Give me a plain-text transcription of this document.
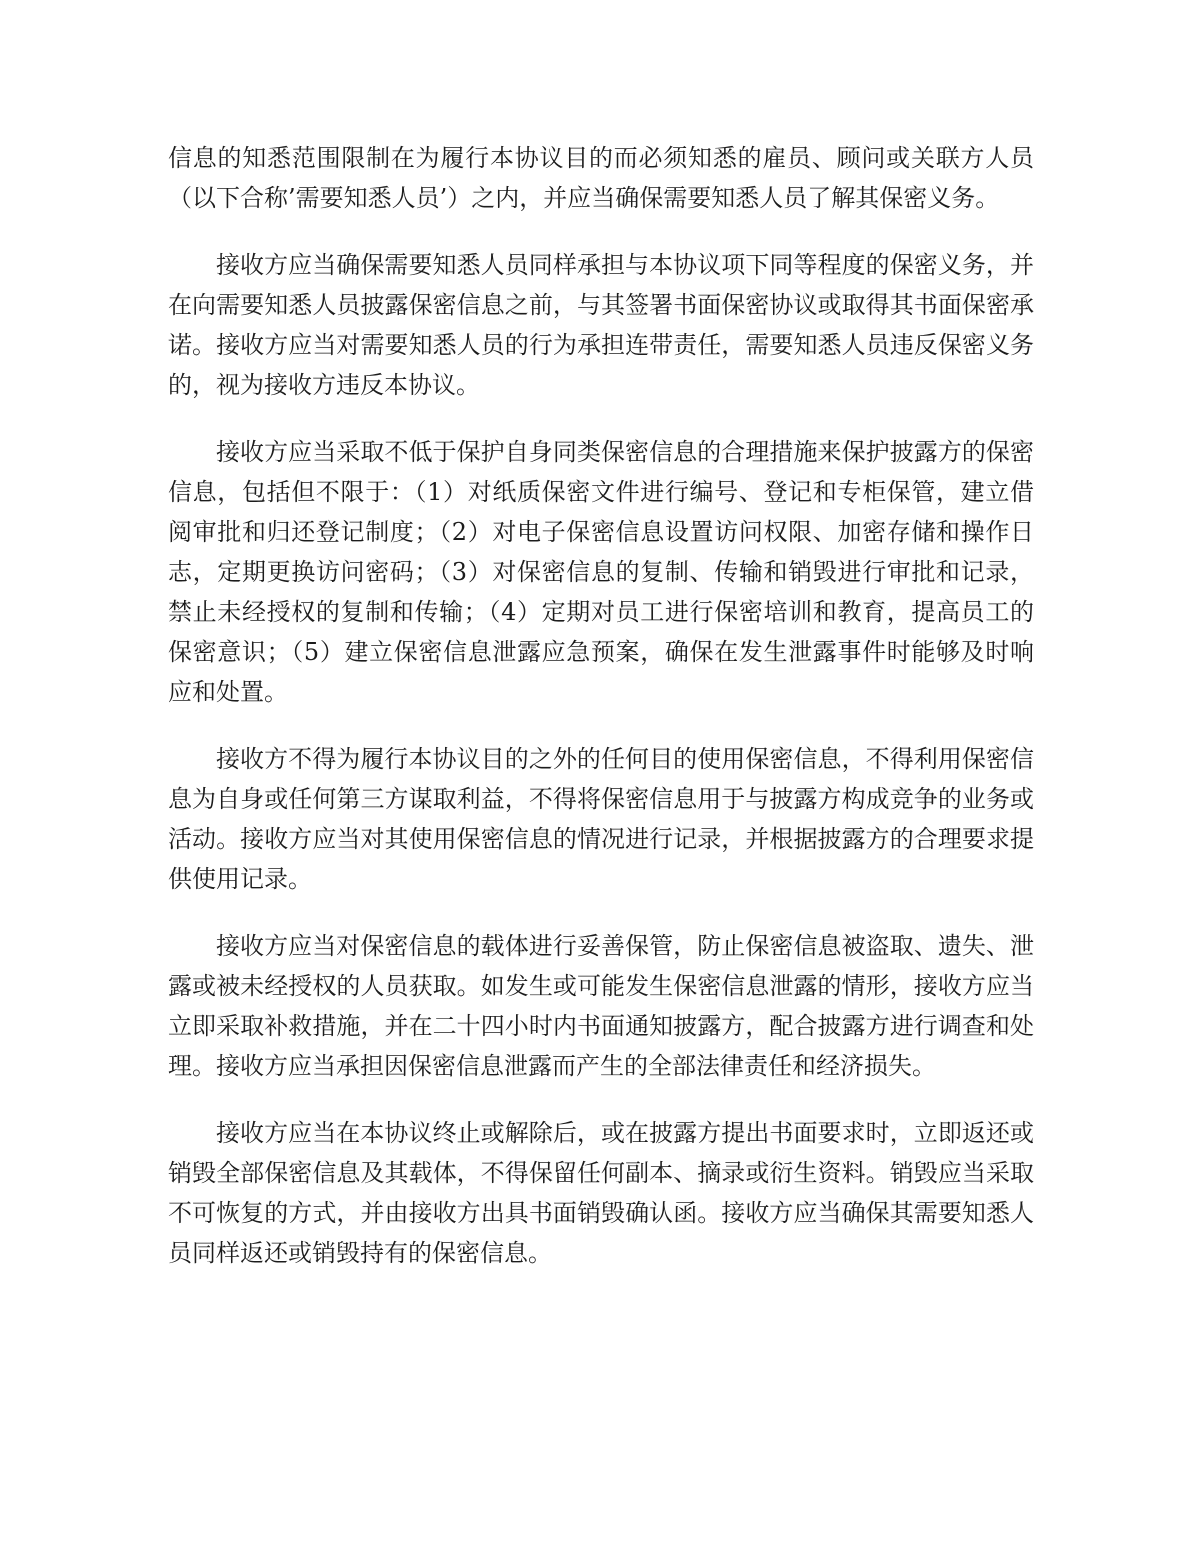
信息的知悉范围限制在为履行本协议目的而必须知悉的雇员、顾问或关联方人员（以下合称’需要知悉人员’）之内，并应当确保需要知悉人员了解其保密义务。

接收方应当确保需要知悉人员同样承担与本协议项下同等程度的保密义务，并在向需要知悉人员披露保密信息之前，与其签署书面保密协议或取得其书面保密承诺。接收方应当对需要知悉人员的行为承担连带责任，需要知悉人员违反保密义务的，视为接收方违反本协议。

接收方应当采取不低于保护自身同类保密信息的合理措施来保护披露方的保密信息，包括但不限于：（1）对纸质保密文件进行编号、登记和专柜保管，建立借阅审批和归还登记制度；（2）对电子保密信息设置访问权限、加密存储和操作日志，定期更换访问密码；（3）对保密信息的复制、传输和销毁进行审批和记录，禁止未经授权的复制和传输；（4）定期对员工进行保密培训和教育，提高员工的保密意识；（5）建立保密信息泄露应急预案，确保在发生泄露事件时能够及时响应和处置。

接收方不得为履行本协议目的之外的任何目的使用保密信息，不得利用保密信息为自身或任何第三方谋取利益，不得将保密信息用于与披露方构成竞争的业务或活动。接收方应当对其使用保密信息的情况进行记录，并根据披露方的合理要求提供使用记录。

接收方应当对保密信息的载体进行妥善保管，防止保密信息被盗取、遗失、泄露或被未经授权的人员获取。如发生或可能发生保密信息泄露的情形，接收方应当立即采取补救措施，并在二十四小时内书面通知披露方，配合披露方进行调查和处理。接收方应当承担因保密信息泄露而产生的全部法律责任和经济损失。

接收方应当在本协议终止或解除后，或在披露方提出书面要求时，立即返还或销毁全部保密信息及其载体，不得保留任何副本、摘录或衍生资料。销毁应当采取不可恢复的方式，并由接收方出具书面销毁确认函。接收方应当确保其需要知悉人员同样返还或销毁持有的保密信息。
